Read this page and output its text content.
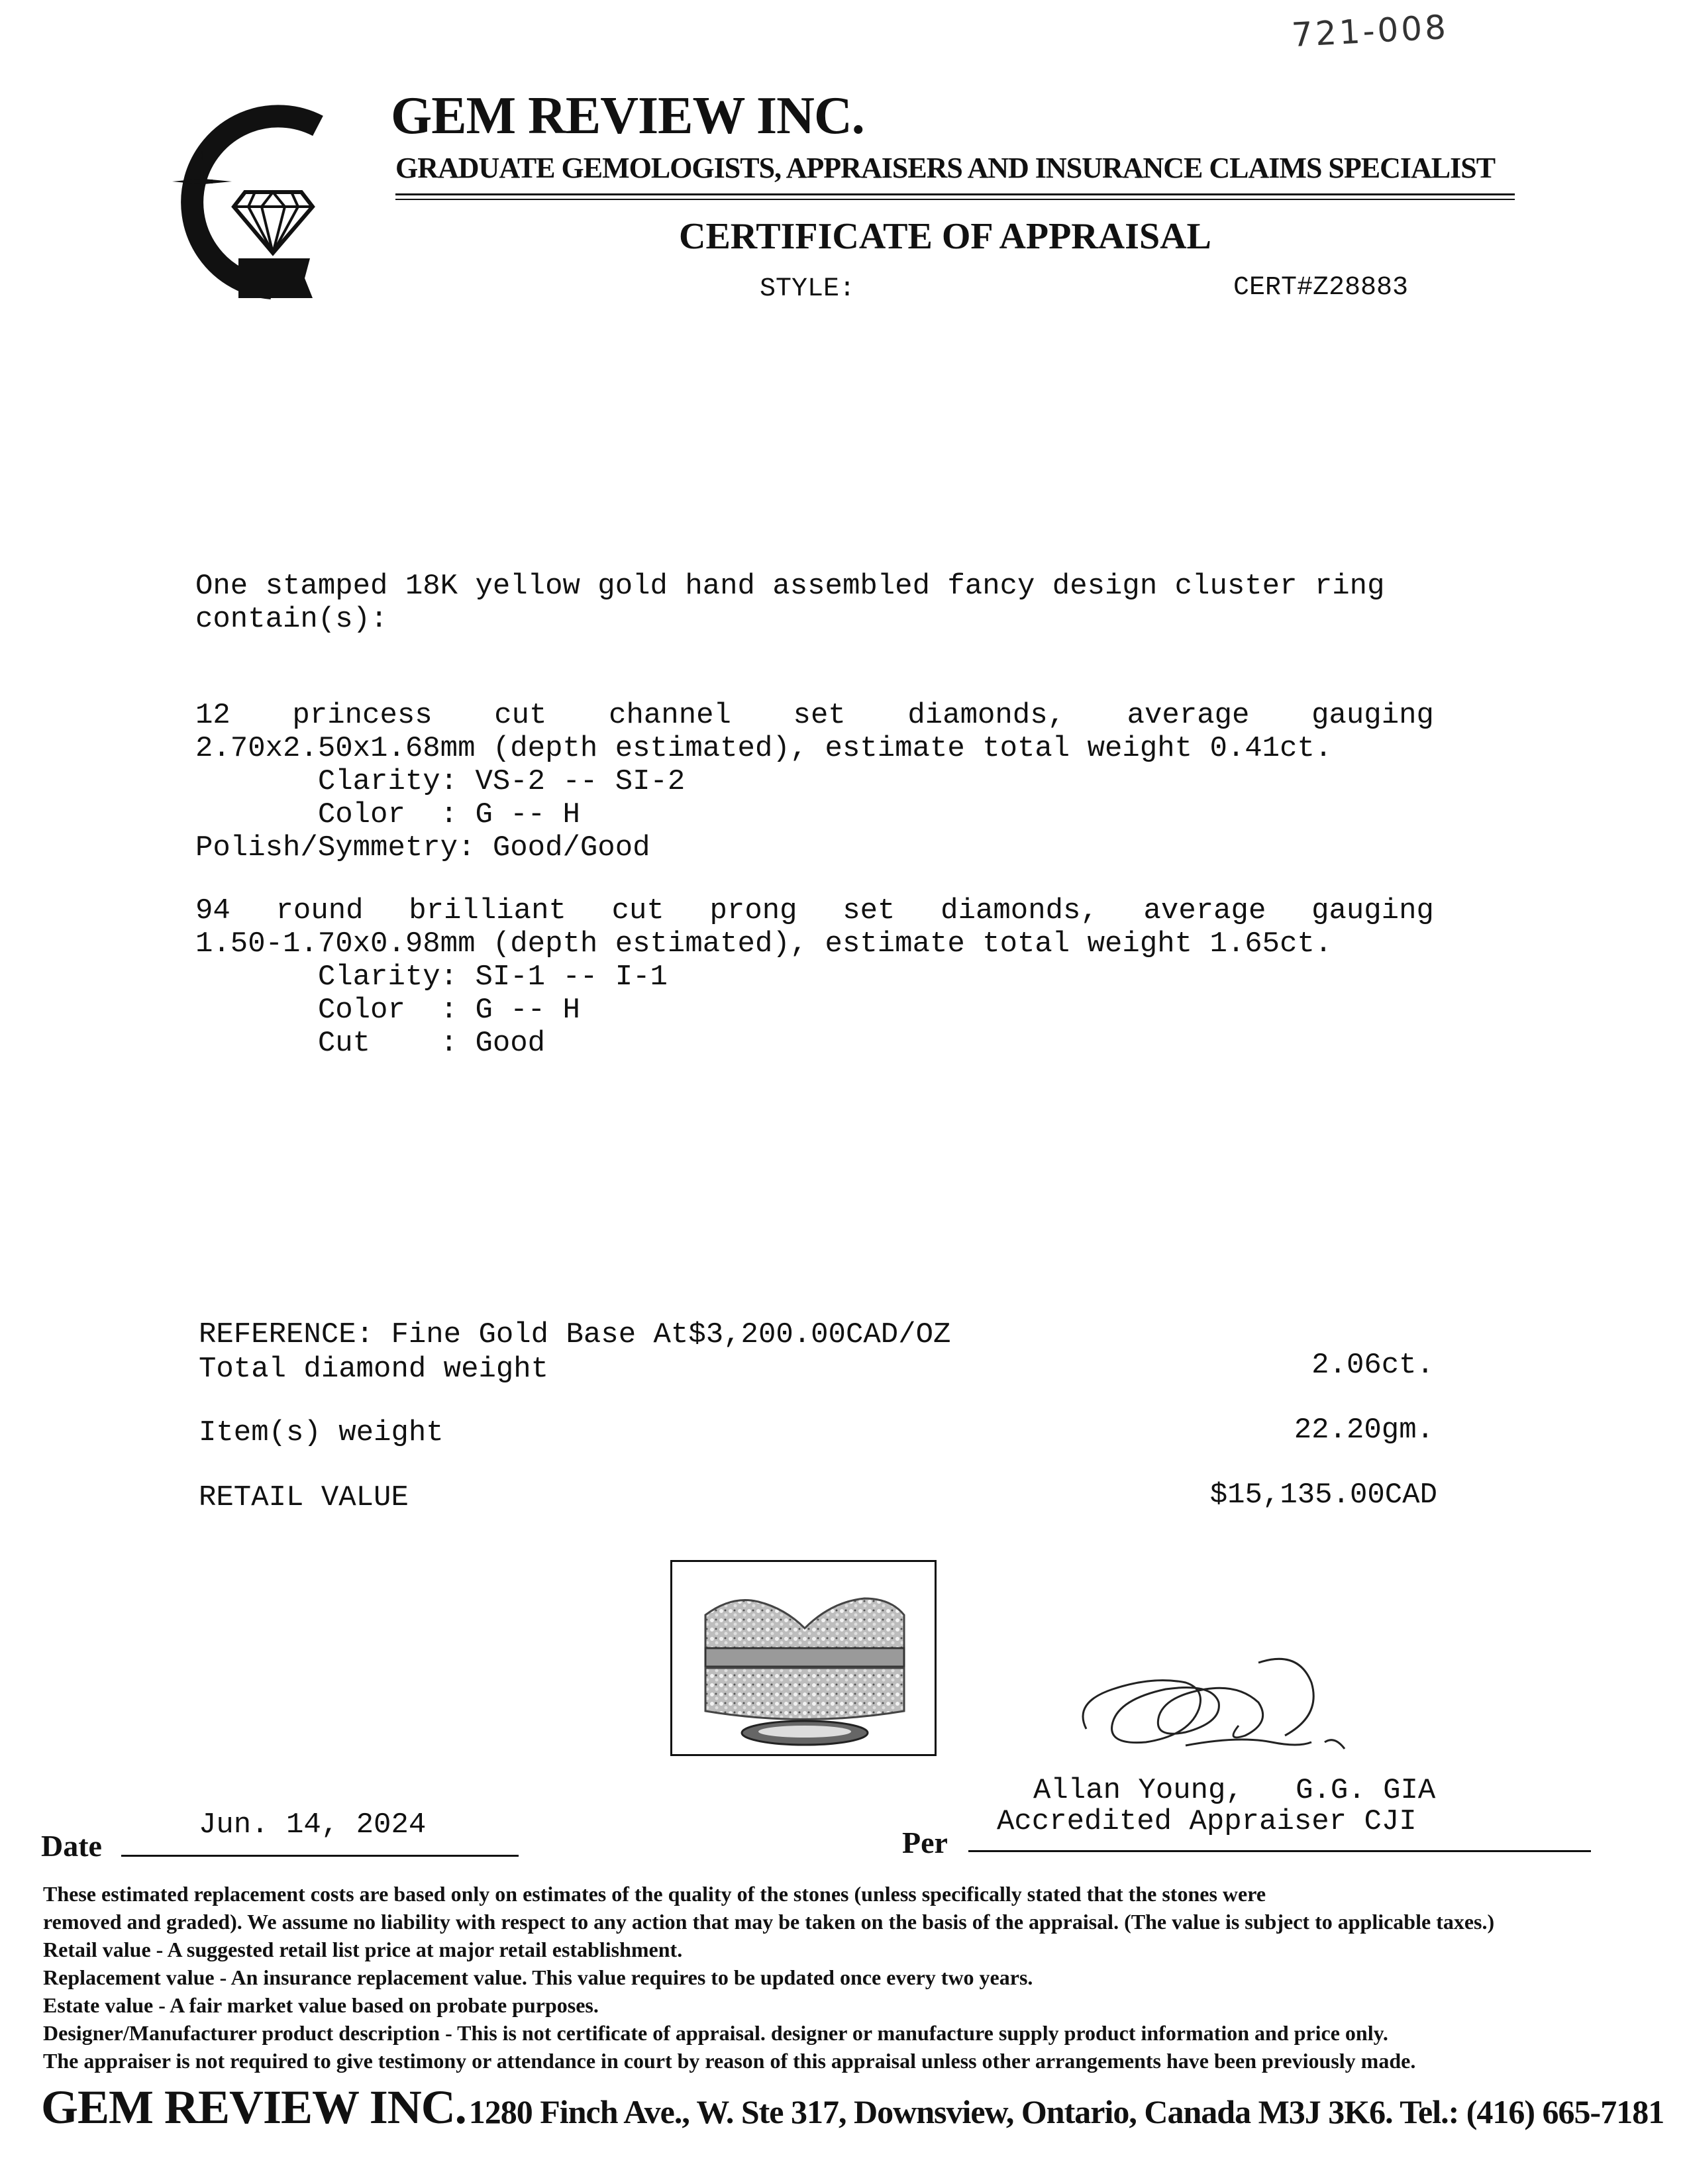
721-008
GEM REVIEW INC.
GRADUATE GEMOLOGISTS, APPRAISERS AND INSURANCE CLAIMS SPECIALIST
CERTIFICATE OF APPRAISAL
STYLE:	CERT#Z28883
One stamped 18K yellow gold hand assembled fancy design cluster ring
contain(s):
12 princess cut channel set diamonds, average gauging
2.70x2.50x1.68mm (depth estimated), estimate total weight 0.41ct.
Clarity: VS-2 -- SI-2
Color  : G -- H
Polish/Symmetry: Good/Good
94 round brilliant cut prong set diamonds, average gauging
1.50-1.70x0.98mm (depth estimated), estimate total weight 1.65ct.
Clarity: SI-1 -- I-1
Color  : G -- H
Cut    : Good
REFERENCE: Fine Gold Base At$3,200.00CAD/OZ
Total diamond weight	2.06ct.
Item(s) weight	22.20gm.
RETAIL VALUE	$15,135.00CAD
Allan Young,   G.G. GIA
Accredited Appraiser CJI
Jun. 14, 2024
Date	Per
These estimated replacement costs are based only on estimates of the quality of the stones (unless specifically stated that the stones were
removed and graded). We assume no liability with respect to any action that may be taken on the basis of the appraisal. (The value is subject to applicable taxes.)
Retail value - A suggested retail list price at major retail establishment.
Replacement value - An insurance replacement value. This value requires to be updated once every two years.
Estate value - A fair market value based on probate purposes.
Designer/Manufacturer product description - This is not certificate of appraisal. designer or manufacture supply product information and price only.
The appraiser is not required to give testimony or attendance in court by reason of this appraisal unless other arrangements have been previously made.
GEM REVIEW INC. 1280 Finch Ave., W. Ste 317, Downsview, Ontario, Canada M3J 3K6. Tel.: (416) 665-7181
